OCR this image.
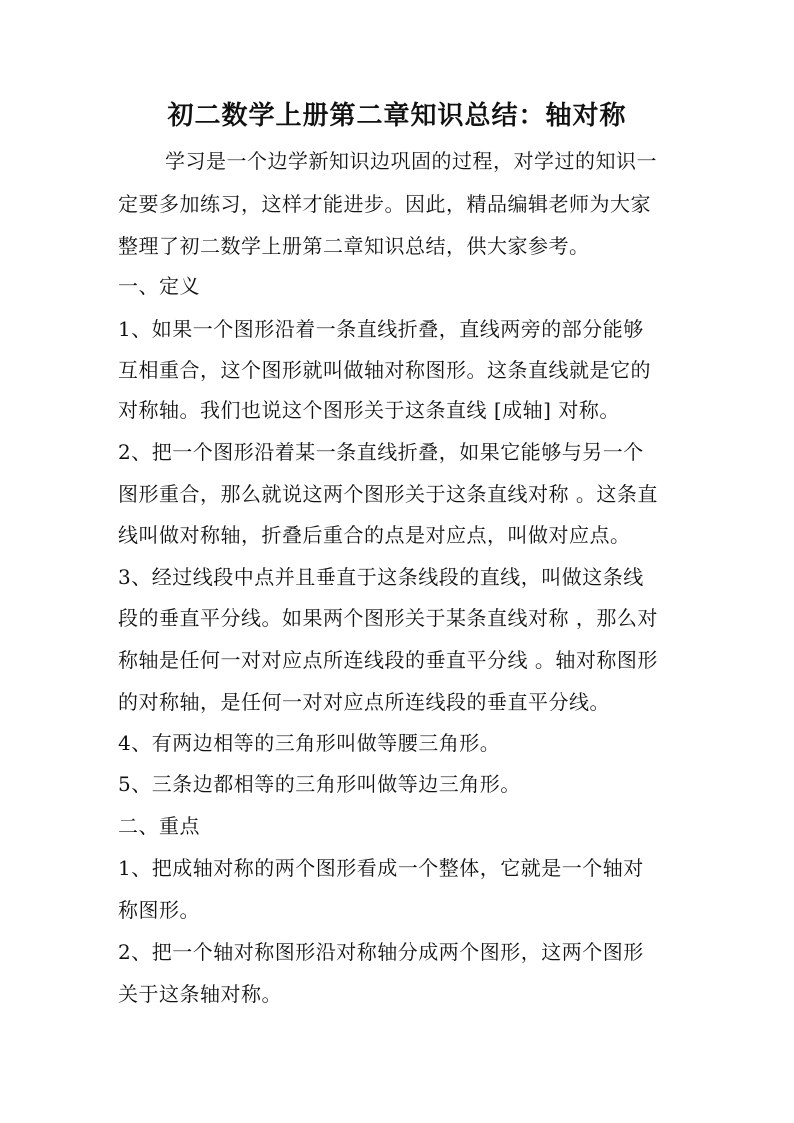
初二数学上册第二章知识总结：轴对称
学习是一个边学新知识边巩固的过程，对学过的知识一
定要多加练习，这样才能进步。因此，精品编辑老师为大家
整理了初二数学上册第二章知识总结，供大家参考。
一、定义
1、如果一个图形沿着一条直线折叠，直线两旁的部分能够
互相重合，这个图形就叫做轴对称图形。这条直线就是它的
对称轴。我们也说这个图形关于这条直线 [成轴] 对称。
2、把一个图形沿着某一条直线折叠，如果它能够与另一个
图形重合，那么就说这两个图形关于这条直线对称 。这条直
线叫做对称轴，折叠后重合的点是对应点，叫做对应点。
3、经过线段中点并且垂直于这条线段的直线，叫做这条线
段的垂直平分线。如果两个图形关于某条直线对称 ，那么对
称轴是任何一对对应点所连线段的垂直平分线 。轴对称图形
的对称轴，是任何一对对应点所连线段的垂直平分线。
4、有两边相等的三角形叫做等腰三角形。
5、三条边都相等的三角形叫做等边三角形。
二、重点
1、把成轴对称的两个图形看成一个整体，它就是一个轴对
称图形。
2、把一个轴对称图形沿对称轴分成两个图形，这两个图形
关于这条轴对称。
